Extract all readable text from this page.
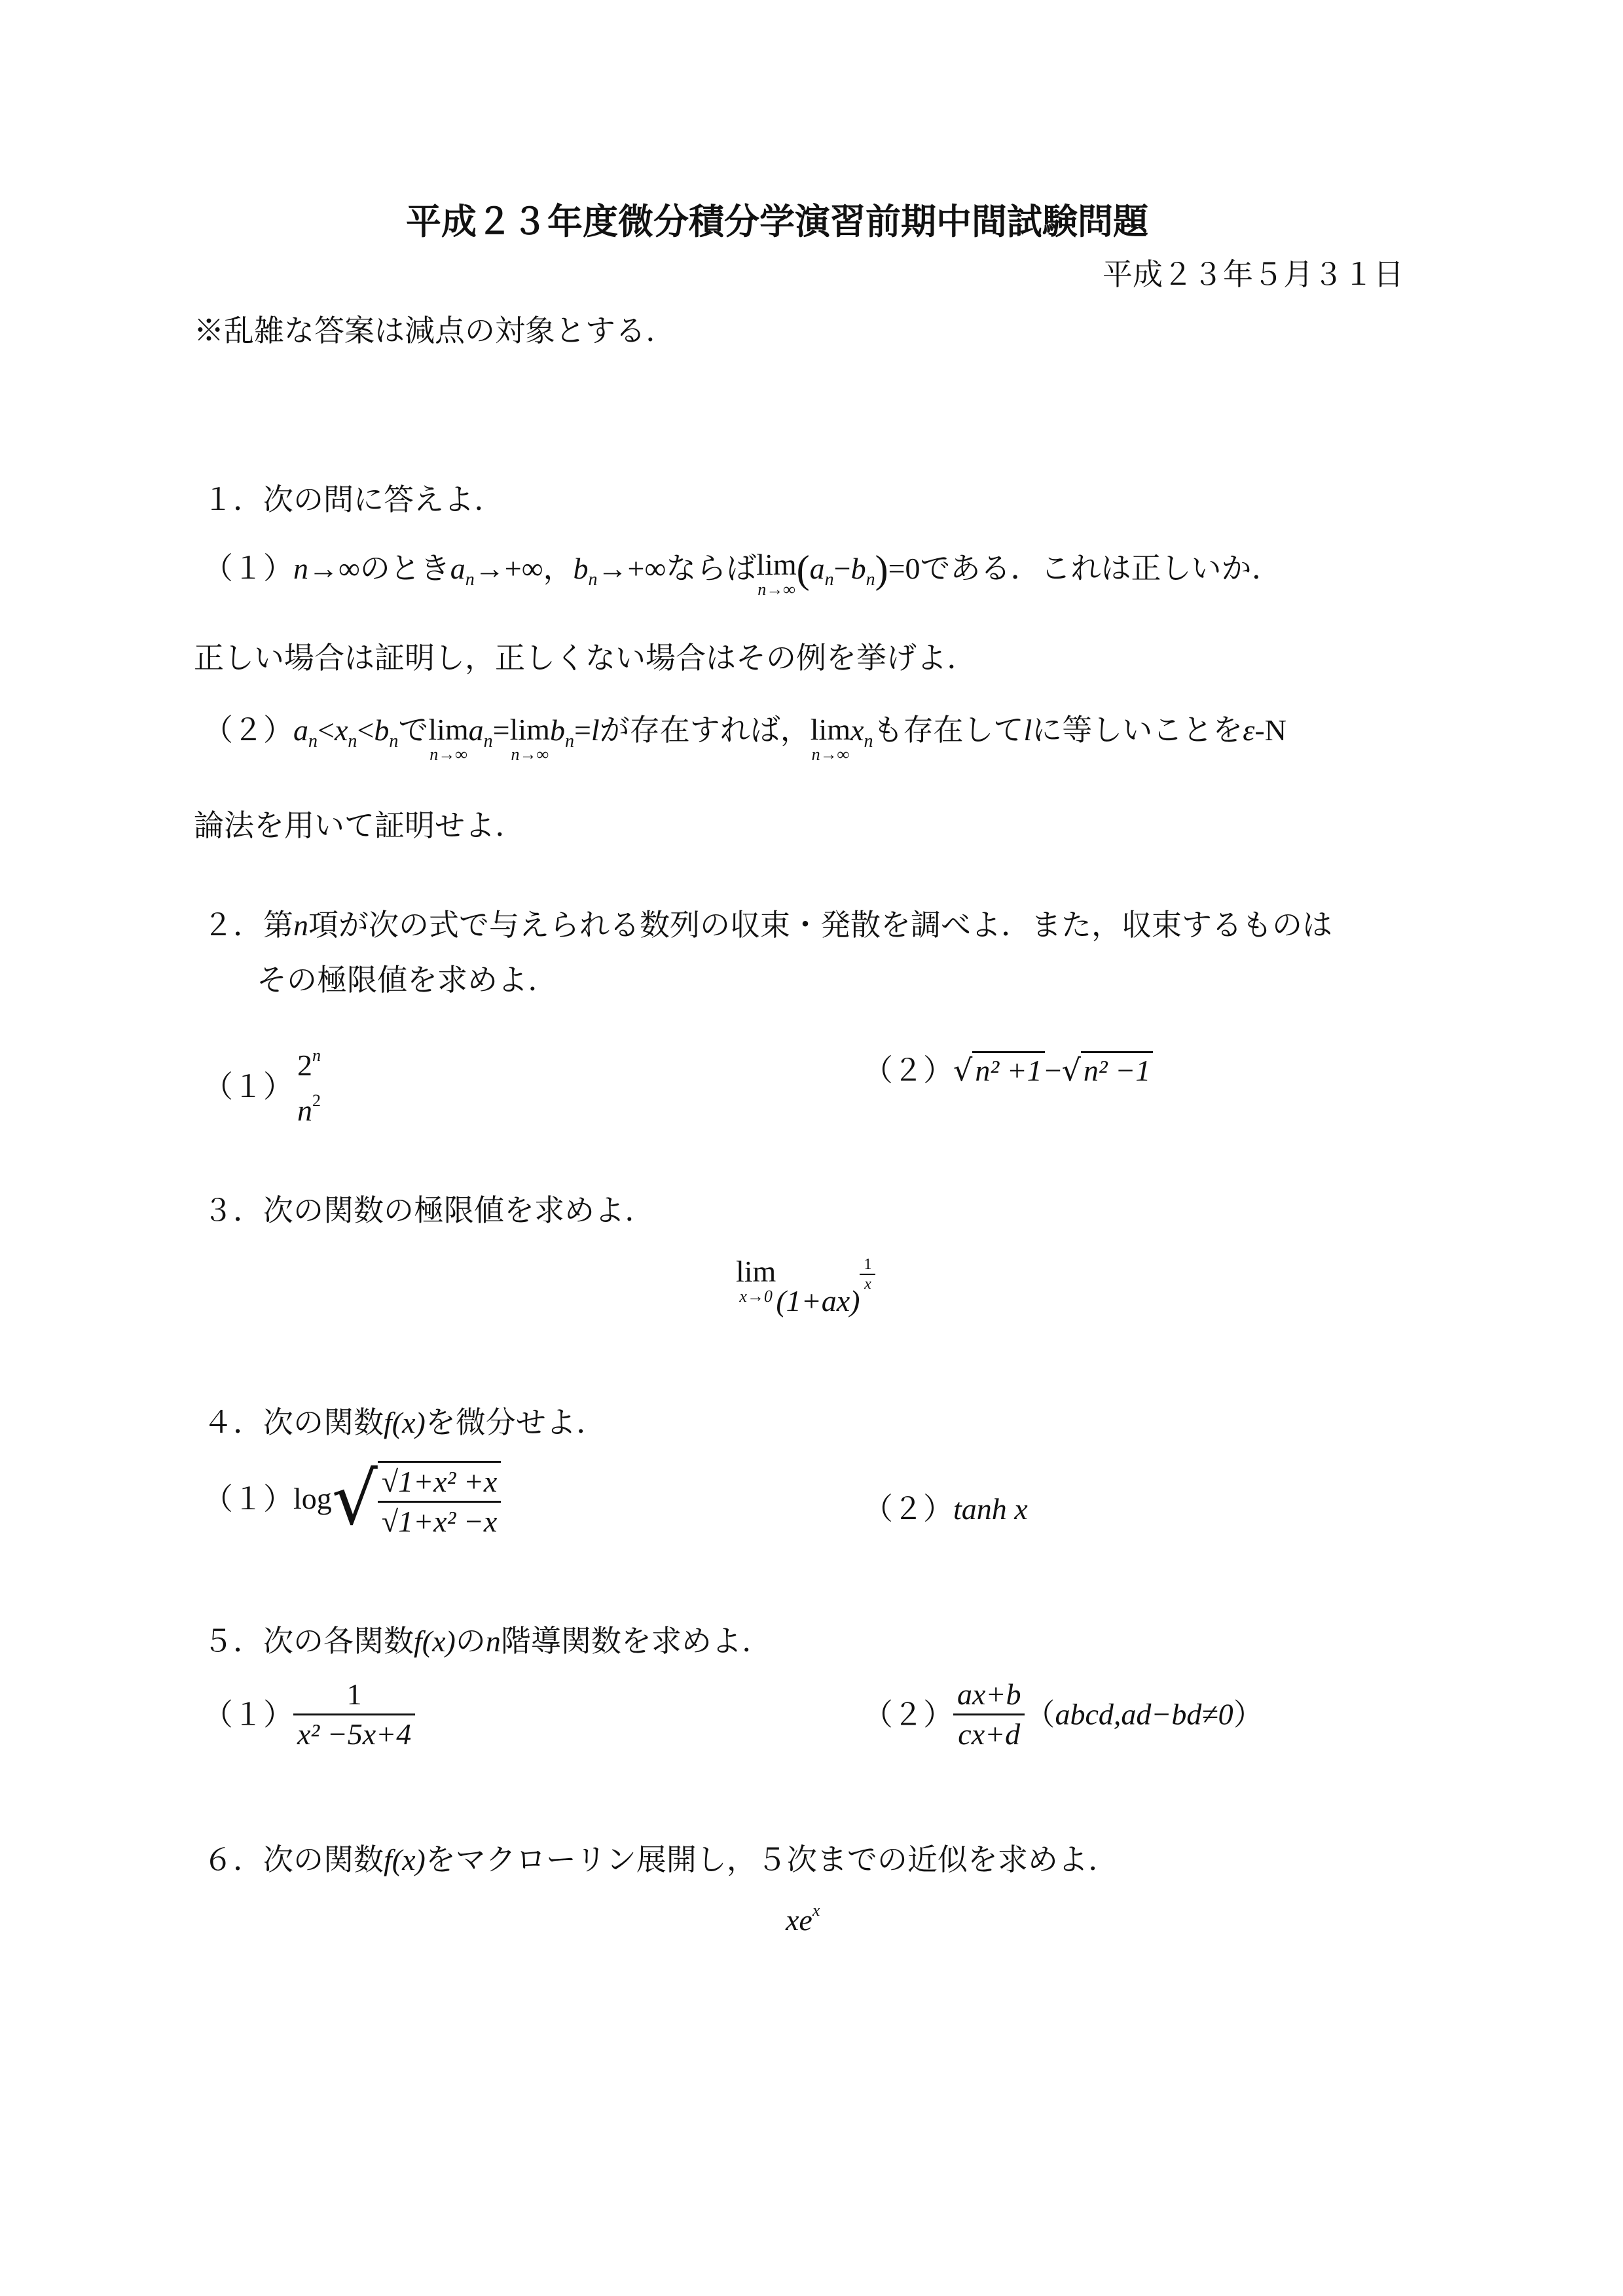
平成２３年度微分積分学演習前期中間試験問題
平成２３年５月３１日
※乱雑な答案は減点の対象とする.
１．次の問に答えよ.
（１）n→∞のとき$a_n\to+\infty$，$b_n\to+\infty$ならば lim
n→∞ $(a_n-b_n)=0$である．これは正しいか.
正しい場合は証明し，正しくない場合はその例を挙げよ.
$(2)a_n<x_n<b_n$で lim
n→∞
$a_n= \lim$
n→∞
$b_n=l$が存在すれば， lim
n→∞
$x_n$も存在してlに等しいことをε-N
論法を用いて証明せよ.
２．第n項が次の式で与えられる数列の収束・発散を調べよ．また，収束するものは
その極限値を求めよ.
（１）
2$^n$
$n^2$
（２）√n² +1−√n² −1
３．次の関数の極限値を求めよ.
lim
x→0 (1+ax)
$\frac{1}{x}$
４．次の関数f(x)を微分せよ.
$(1)\log√ \frac{\text{√1+x² +x}}{\text{√1+x² −x}}$	（２）tanh x
５．次の各関数f(x)のn階導関数を求めよ.
$(1) \frac{1}{\text{x² −5x+4}}$	$(2) \frac{ax+b}{cx+d}$ （abcd,ad−bd≠0）
６．次の関数f(x)をマクローリン展開し，５次までの近似を求めよ.
$xe^x$
